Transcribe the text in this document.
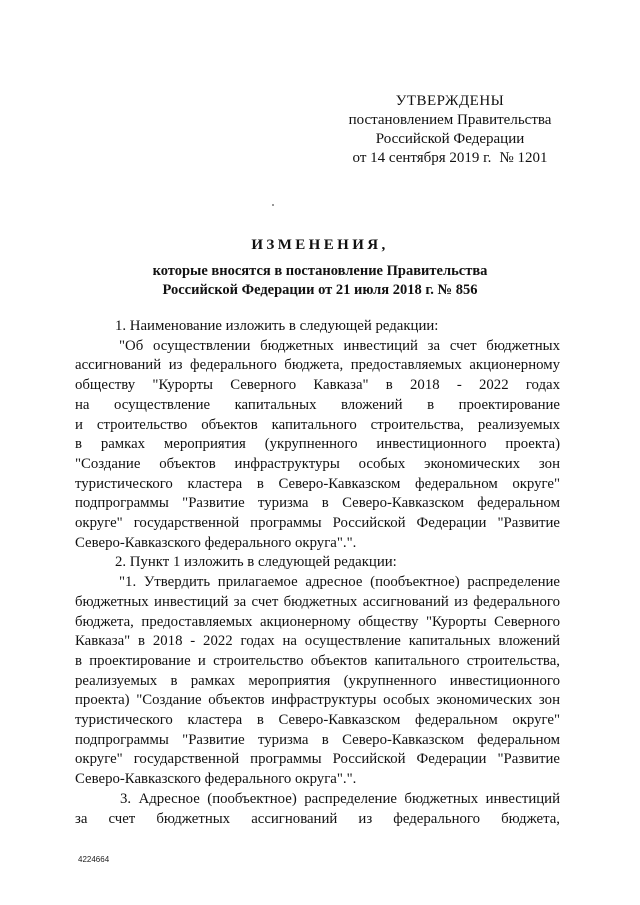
УТВЕРЖДЕНЫ
постановлением Правительства
Российской Федерации
от 14 сентября 2019 г. № 1201
ИЗМЕНЕНИЯ,
которые вносятся в постановление Правительства
Российской Федерации от 21 июля 2018 г. № 856
1. Наименование изложить в следующей редакции:
"Об осуществлении бюджетных инвестиций за счет бюджетных
ассигнований из федерального бюджета, предоставляемых акционерному
обществу "Курорты Северного Кавказа" в 2018 - 2022 годах
на осуществление капитальных вложений в проектирование
и строительство объектов капитального строительства, реализуемых
в рамках мероприятия (укрупненного инвестиционного проекта)
"Создание объектов инфраструктуры особых экономических зон
туристического кластера в Северо-Кавказском федеральном округе"
подпрограммы "Развитие туризма в Северо-Кавказском федеральном
округе" государственной программы Российской Федерации "Развитие
Северо-Кавказского федерального округа".".
2. Пункт 1 изложить в следующей редакции:
"1. Утвердить прилагаемое адресное (пообъектное) распределение
бюджетных инвестиций за счет бюджетных ассигнований из федерального
бюджета, предоставляемых акционерному обществу "Курорты Северного
Кавказа" в 2018 - 2022 годах на осуществление капитальных вложений
в проектирование и строительство объектов капитального строительства,
реализуемых в рамках мероприятия (укрупненного инвестиционного
проекта) "Создание объектов инфраструктуры особых экономических зон
туристического кластера в Северо-Кавказском федеральном округе"
подпрограммы "Развитие туризма в Северо-Кавказском федеральном
округе" государственной программы Российской Федерации "Развитие
Северо-Кавказского федерального округа".".
3. Адресное (пообъектное) распределение бюджетных инвестиций
за счет бюджетных ассигнований из федерального бюджета,
4224664
